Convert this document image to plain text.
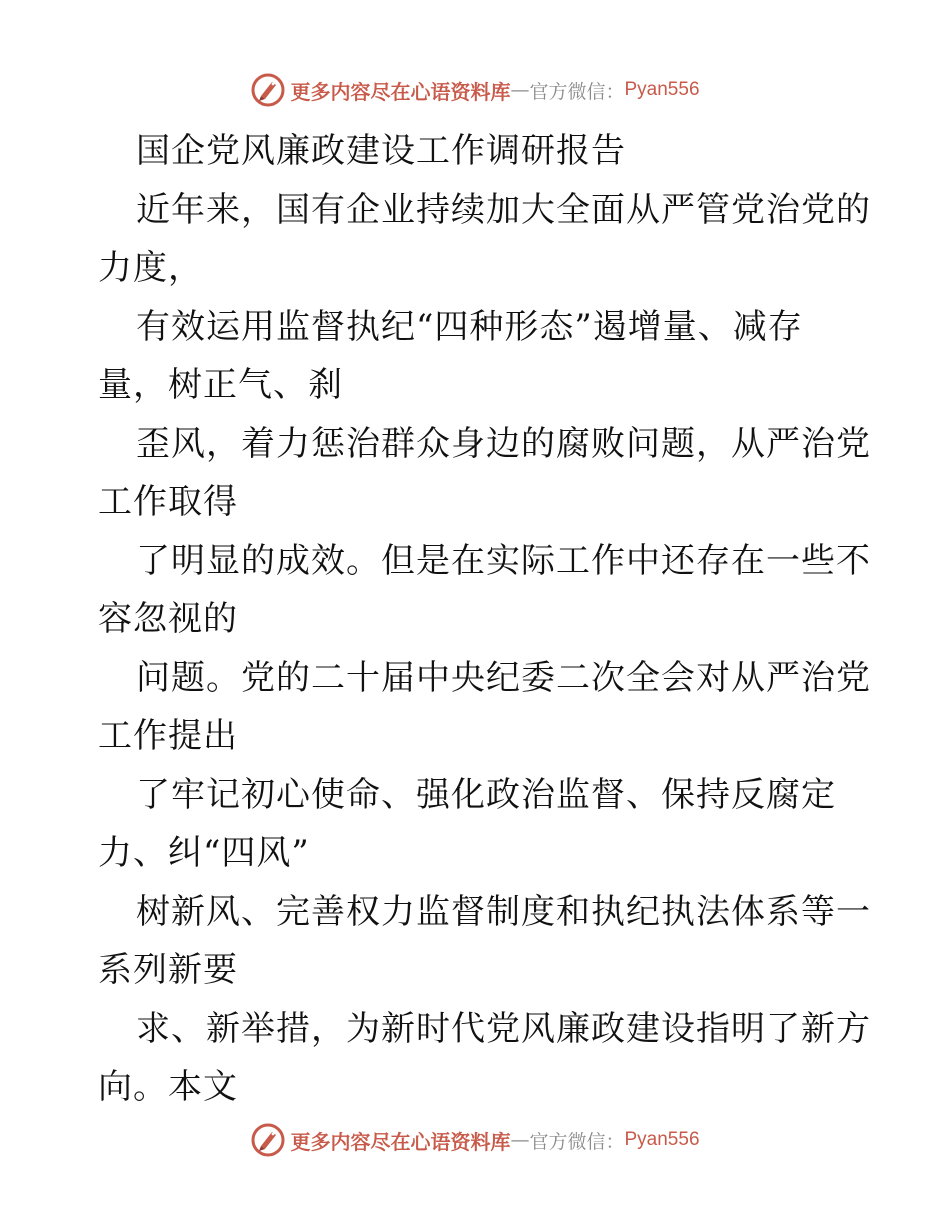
更多内容尽在心语资料库 — 官方微信： Pyan556
国企党风廉政建设工作调研报告
近年来，国有企业持续加大全面从严管党治党的
力度，
有效运用监督执纪“四种形态”遏增量、减存
量，树正气、刹
歪风，着力惩治群众身边的腐败问题，从严治党
工作取得
了明显的成效。但是在实际工作中还存在一些不
容忽视的
问题。党的二十届中央纪委二次全会对从严治党
工作提出
了牢记初心使命、强化政治监督、保持反腐定
力、纠“四风”
树新风、完善权力监督制度和执纪执法体系等一
系列新要
求、新举措，为新时代党风廉政建设指明了新方
向。本文
更多内容尽在心语资料库 — 官方微信： Pyan556
